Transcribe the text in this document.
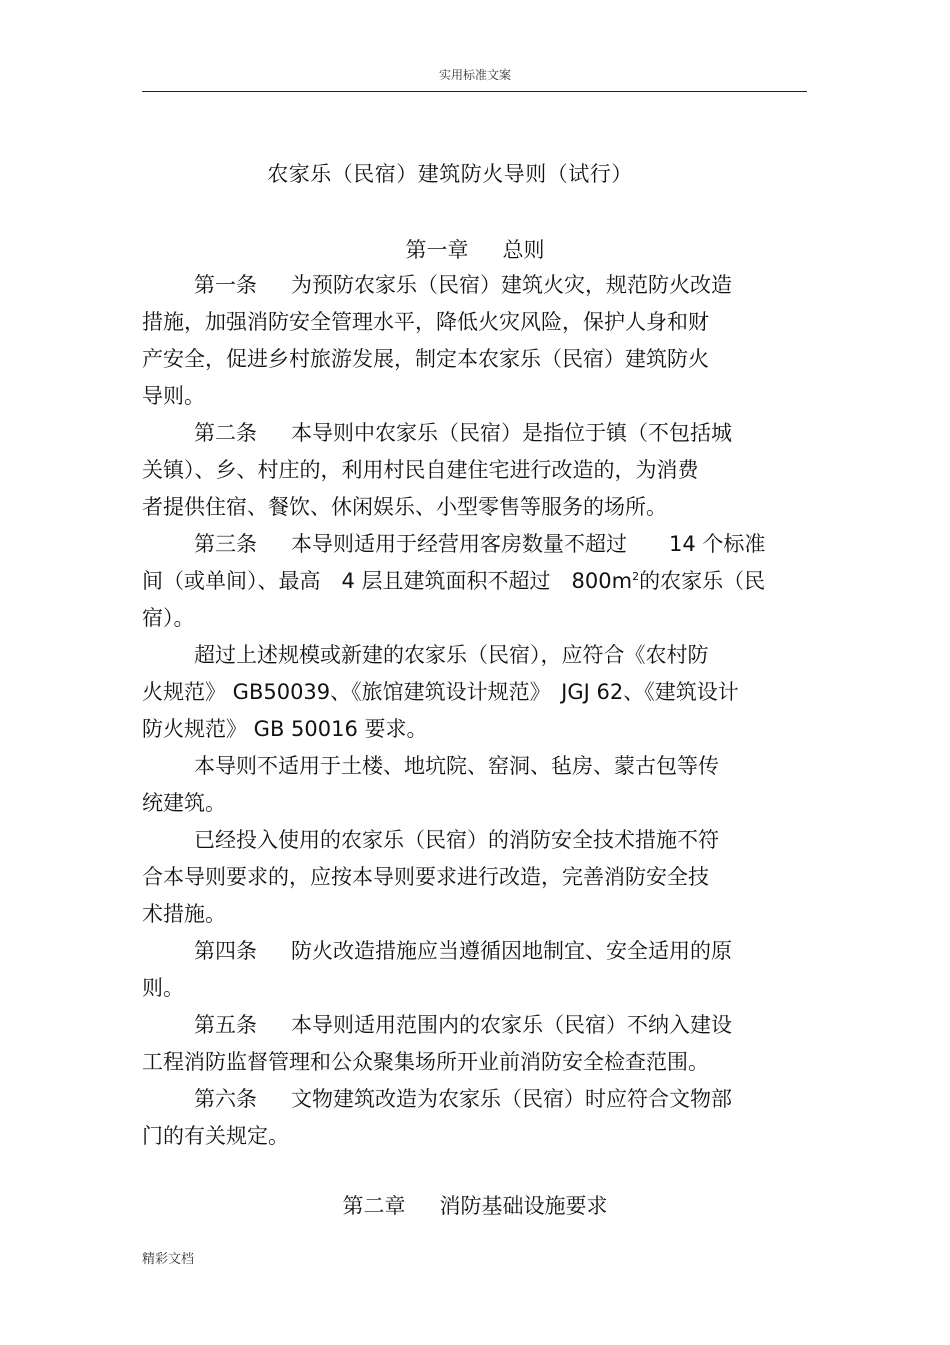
实用标准文案
农家乐（民宿）建筑防火导则（试行）
第一章 总则
第一条 为预防农家乐（民宿）建筑火灾，规范防火改造
措施，加强消防安全管理水平，降低火灾风险，保护人身和财
产安全，促进乡村旅游发展，制定本农家乐（民宿）建筑防火
导则。
第二条 本导则中农家乐（民宿）是指位于镇（不包括城
关镇）、乡、村庄的，利用村民自建住宅进行改造的，为消费
者提供住宿、餐饮、休闲娱乐、小型零售等服务的场所。
第三条 本导则适用于经营用客房数量不超过　　14 个标准
间（或单间）、最高　4 层且建筑面积不超过　$800m^2$的农家乐（民
宿）。
超过上述规模或新建的农家乐（民宿），应符合《农村防
火规范》 GB50039、《旅馆建筑设计规范》　JGJ 62、《建筑设计
防火规范》 GB 50016 要求。
本导则不适用于土楼、地坑院、窑洞、毡房、蒙古包等传
统建筑。
已经投入使用的农家乐（民宿）的消防安全技术措施不符
合本导则要求的，应按本导则要求进行改造，完善消防安全技
术措施。
第四条 防火改造措施应当遵循因地制宜、安全适用的原
则。
第五条 本导则适用范围内的农家乐（民宿）不纳入建设
工程消防监督管理和公众聚集场所开业前消防安全检查范围。
第六条 文物建筑改造为农家乐（民宿）时应符合文物部
门的有关规定。
第二章 消防基础设施要求
精彩文档
